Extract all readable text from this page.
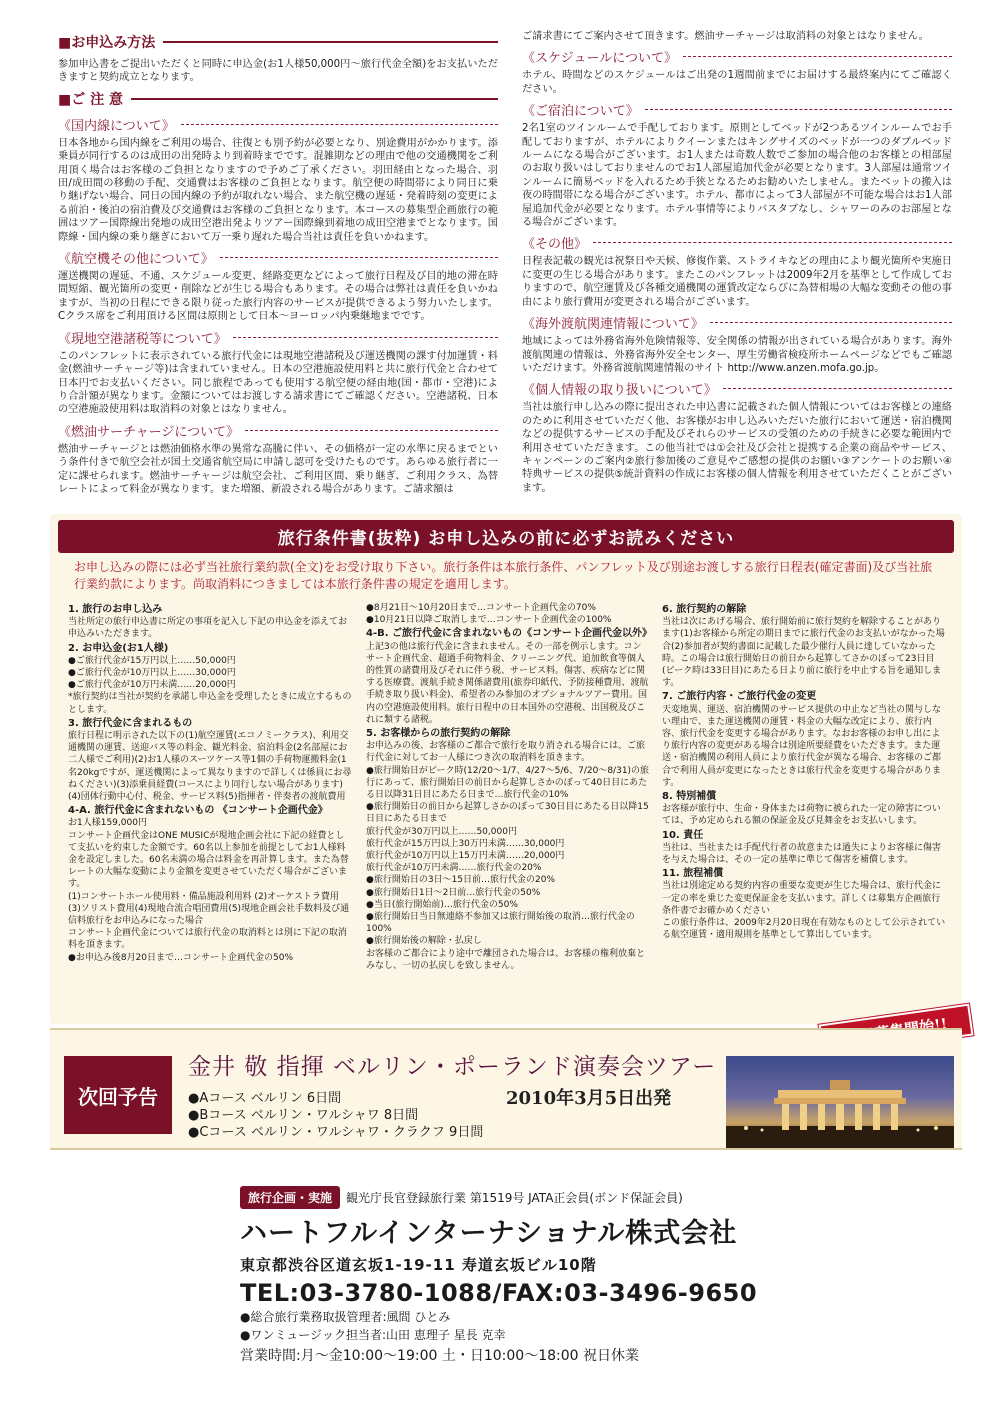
■お申込み方法
参加申込書をご提出いただくと同時に申込金(お1人様50,000円〜旅行代金全額)をお支払いただきますと契約成立となります。
■ご 注 意
《国内線について》
日本各地から国内線をご利用の場合、往復とも別予約が必要となり、別途費用がかかります。添乗員が同行するのは成田の出発時より到着時までです。混雑期などの理由で他の交通機関をご利用頂く場合はお客様のご負担となりますので予めご了承ください。羽田経由となった場合、羽田/成田間の移動の手配、交通費はお客様のご負担となります。航空便の時間帯により同日に乗り継げない場合、同日の国内線の予約が取れない場合、また航空機の遅延・発着時刻の変更による前泊・後泊の宿泊費及び交通費はお客様のご負担となります。本コースの募集型企画旅行の範囲はツアー国際線出発地の成田空港出発よりツアー国際線到着地の成田空港までとなります。国際線・国内線の乗り継ぎにおいて万一乗り遅れた場合当社は責任を負いかねます。
《航空機その他について》
運送機関の遅延、不通、スケジュール変更、経路変更などによって旅行日程及び目的地の滞在時間短縮、観光箇所の変更・削除などが生じる場合もあります。その場合は弊社は責任を負いかねますが、当初の日程にできる限り従った旅行内容のサービスが提供できるよう努力いたします。Cクラス席をご利用頂ける区間は原則として日本〜ヨーロッパ内乗継地までです。
《現地空港諸税等について》
このパンフレットに表示されている旅行代金には現地空港諸税及び運送機関の課す付加運賃・料金(燃油サーチャージ等)は含まれていません。日本の空港施設使用料と共に旅行代金と合わせて日本円でお支払いください。同じ旅程であっても使用する航空便の経由地(国・都市・空港)により合計額が異なります。金額についてはお渡しする請求書にてご確認ください。空港諸税、日本の空港施設使用料は取消料の対象とはなりません。
《燃油サーチャージについて》
燃油サーチャージとは燃油価格水準の異常な高騰に伴い、その価格が一定の水準に戻るまでという条件付きで航空会社が国土交通省航空局に申請し認可を受けたものです。あらゆる旅行者に一定に課せられます。燃油サーチャージは航空会社、ご利用区間、乗り継ぎ、ご利用クラス、為替レートによって料金が異なります。また増額、新設される場合があります。ご請求額は
ご請求書にてご案内させて頂きます。燃油サーチャージは取消料の対象とはなりません。
《スケジュールについて》
ホテル、時間などのスケジュールはご出発の1週間前までにお届けする最終案内にてご確認ください。
《ご宿泊について》
2名1室のツインルームで手配しております。原則としてベッドが2つあるツインルームでお手配しておりますが、ホテルによりクイーンまたはキングサイズのベッドが一つのダブルベッドルームになる場合がございます。お1人または奇数人数でご参加の場合他のお客様との相部屋のお取り扱いはしておりませんのでお1人部屋追加代金が必要となります。3人部屋は通常ツインルームに簡易ベッドを入れるため手狭となるためお勧めいたしません。またベットの搬入は夜の時間帯になる場合がございます。ホテル、都市によって3人部屋が不可能な場合はお1人部屋追加代金が必要となります。ホテル事情等によりバスタブなし、シャワーのみのお部屋となる場合がございます。
《その他》
日程表記載の観光は祝祭日や天候、修復作業、ストライキなどの理由により観光箇所や実施日に変更の生じる場合があります。またこのパンフレットは2009年2月を基準として作成しておりますので、航空運賃及び各種交通機関の運賃改定ならびに為替相場の大幅な変動その他の事由により旅行費用が変更される場合がございます。
《海外渡航関連情報について》
地域によっては外務省海外危険情報等、安全関係の情報が出されている場合があります。海外渡航関連の情報は、外務省海外安全センター、厚生労働省検疫所ホームページなどでもご確認いただけます。外務省渡航関連情報のサイト http://www.anzen.mofa.go.jp。
《個人情報の取り扱いについて》
当社は旅行申し込みの際に提出された申込書に記載された個人情報についてはお客様との連絡のために利用させていただく他、お客様がお申し込みいただいた旅行において運送・宿泊機関などの提供するサービスの手配及びそれらのサービスの受領のための手続きに必要な範囲内で利用させていただきます。この他当社では①会社及び会社と提携する企業の商品やサービス、キャンペーンのご案内②旅行参加後のご意見やご感想の提供のお願い③アンケートのお願い④特典サービスの提供⑤統計資料の作成にお客様の個人情報を利用させていただくことがございます。
旅行条件書(抜粋) お申し込みの前に必ずお読みください
お申し込みの際には必ず当社旅行業約款(全文)をお受け取り下さい。旅行条件は本旅行条件、パンフレット及び別途お渡しする旅行日程表(確定書面)及び当社旅行業約款によります。尚取消料につきましては本旅行条件書の規定を適用します。
1. 旅行のお申し込み
当社所定の旅行申込書に所定の事項を記入し下記の申込金を添えてお申込みいただきます。
2. お申込金(お1人様)
●ご旅行代金が15万円以上……50,000円
●ご旅行代金が10万円以上……30,000円
●ご旅行代金が10万円未満……20,000円
*旅行契約は当社が契約を承諾し申込金を受理したときに成立するものとします。
3. 旅行代金に含まれるもの
旅行日程に明示された以下の(1)航空運賃(エコノミークラス)、利用交通機関の運賃、送迎バス等の料金、観光料金、宿泊料金(2名部屋にお二人様でご利用)(2)お1人様のスーツケース等1個の手荷物運搬料金(1名20kgですが、運送機関によって異なりますので詳しくは係員にお尋ねください)(3)添乗員経費(コースにより同行しない場合があります)(4)団体行動中心付、税金、サービス料(5)指揮者・伴奏者の渡航費用
4-A. 旅行代金に含まれないもの 《コンサート企画代金》
お1人様159,000円
コンサート企画代金はONE MUSICが現地企画会社に下記の経費として支払いを約束した金額です。60名以上参加を前提としてお1人様料金を設定しました。60名未満の場合は料金を再計算します。また為替レートの大幅な変動により金額を変更させていただく場合がございます。
(1)コンサートホール使用料・備品施設利用料 (2)オーケストラ費用 (3)ソリスト費用(4)現地合流合唱団費用(5)現地企画会社手数料及び通信料旅行をお申込みになった場合
コンサート企画代金については旅行代金の取消料とは別に下記の取消料を頂きます。
●お申込み後8月20日まで…コンサート企画代金の50%
●8月21日〜10月20日まで…コンサート企画代金の70%
●10月21日以降ご取消しまで…コンサート企画代金の100%
4-B. ご旅行代金に含まれないもの《コンサート企画代金以外》
上記3の他は旅行代金に含まれません。その一部を例示します。コンサート企画代金、超過手荷物料金、クリーニング代、追加飲食等個人的性質の諸費用及びそれに伴う税、サービス料。傷害、疾病などに関する医療費。渡航手続き関係諸費用(旅券印紙代、予防接種費用、渡航手続き取り扱い料金)、希望者のみ参加のオプショナルツアー費用。国内の空港施設使用料。旅行日程中の日本国外の空港税、出国税及びこれに類する諸税。
5. お客様からの旅行契約の解除
お申込みの後、お客様のご都合で旅行を取り消される場合には、ご旅行代金に対してお一人様につき次の取消料を頂きます。
●旅行開始日がピーク時(12/20〜1/7、4/27〜5/6、7/20〜8/31)の旅行にあって、旅行開始日の前日から起算しさかのぼって40日目にあたる日以降31日目にあたる日まで…旅行代金の10%
●旅行開始日の前日から起算しさかのぼって30日目にあたる日以降15日目にあたる日まで
旅行代金が30万円以上……50,000円
旅行代金が15万円以上30万円未満……30,000円
旅行代金が10万円以上15万円未満……20,000円
旅行代金が10万円未満……旅行代金の20%
●旅行開始日の3日〜15日前…旅行代金の20%
●旅行開始日1日〜2日前…旅行代金の50%
●当日(旅行開始前)…旅行代金の50%
●旅行開始日当日無連絡不参加又は旅行開始後の取消…旅行代金の100%
●旅行開始後の解除・払戻し
お客様のご都合により途中で離団された場合は、お客様の権利放棄とみなし、一切の払戻しを致しません。
6. 旅行契約の解除
当社は次にあげる場合、旅行開始前に旅行契約を解除することがあります(1)お客様から所定の期日までに旅行代金のお支払いがなかった場合(2)参加者が契約書面に記載した最少催行人員に達していなかった時。この場合は旅行開始日の前日から起算してさかのぼって23日目(ピーク時は33日目)にあたる日より前に旅行を中止する旨を通知します。
7. ご旅行内容・ご旅行代金の変更
天変地異、運送、宿泊機関のサービス提供の中止など当社の関与しない理由で、また運送機関の運賃・料金の大幅な改定により、旅行内容、旅行代金を変更する場合があります。なおお客様のお申し出により旅行内容の変更がある場合は別途所要経費をいただきます。また運送・宿泊機関の利用人員により旅行代金が異なる場合、お客様のご都合で利用人員が変更になったときは旅行代金を変更する場合があります。
8. 特別補償
お客様が旅行中、生命・身体または荷物に被られた一定の障害については、予め定められる額の保証金及び見舞金をお支払いします。
10. 責任
当社は、当社または手配代行者の故意または過失によりお客様に傷害を与えた場合は、その一定の基準に準じて傷害を補償します。
11. 旅程補償
当社は別途定める契約内容の重要な変更が生じた場合は、旅行代金に一定の率を乗じた変更保証金を支払います。詳しくは募集方企画旅行条件書でお確かめください
この旅行条件は、2009年2月20日現在有効なものとして公示されている航空運賃・適用規則を基準として算出しています。
次回予告
金井 敬 指揮 ベルリン・ポーランド演奏会ツアー
●Aコース ベルリン 6日間
●Bコース ベルリン・ワルシャワ 8日間
●Cコース ベルリン・ワルシャワ・クラクフ 9日間
2010年3月5日出発
旅行企画・実施	観光庁長官登録旅行業 第1519号 JATA正会員(ボンド保証会員)
ハートフルインターナショナル株式会社
東京都渋谷区道玄坂1-19-11 寿道玄坂ビル10階
TEL:03-3780-1088/FAX:03-3496-9650
●総合旅行業務取扱管理者:風間 ひとみ
●ワンミュージック担当者:山田 恵理子 星長 克幸
営業時間:月〜金10:00〜19:00 土・日10:00〜18:00 祝日休業
